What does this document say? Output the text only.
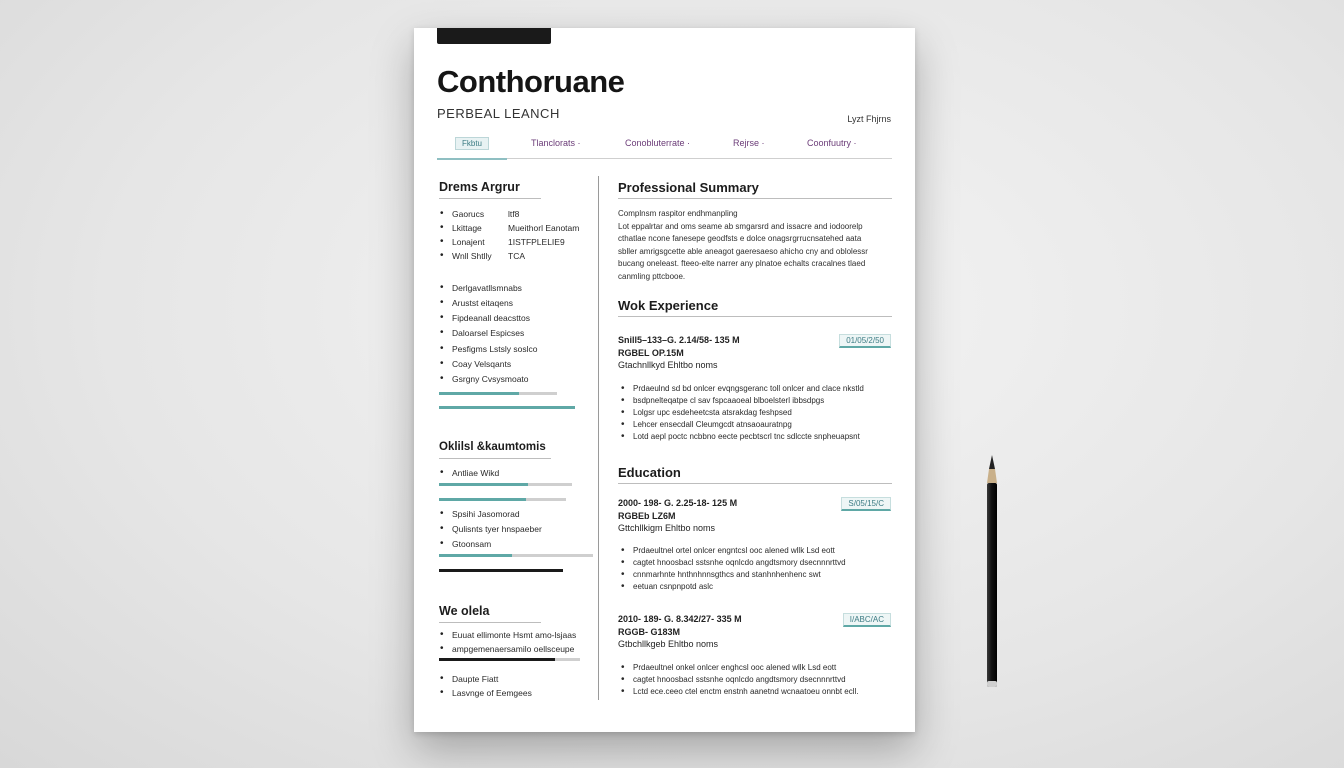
Conthoruane
PERBEAL LEANCH	Lyzt Fhjrns
Fkbtu	Tlanclorats ·	Conobluterrate ·	Rejrse ·	Coonfuutry ·
Drems Argrur
• Gaorucs	ltf8
• Lkittage	Mueithorl Eanotam
• Lonajent	1ISTFPLELIE9
• Wnll Shtlly TCA
• Derlgavatllsmnabs
• Arustst eitaqens
• Fipdeanall deacsttos
• Daloarsel Espicses
• Pesfigms Lstsly soslco
• Coay Velsqants
• Gsrgny Cvsysmoato
Oklilsl &kaumtomis
• Antliae Wikd
• Spsihi Jasomorad
• Qulisnts tyer hnspaeber
• Gtoonsam
We olela
• Euuat ellimonte Hsmt amo-lsjaas
• ampgemenaersamilo oellsceupe
• Daupte Fiatt
• Lasvnge of Eemgees
Professional Summary
Complnsm raspitor endhmanpling
Lot eppalrtar and oms seame ab smgarsrd and issacre and iodoorelp
cthatlae ncone fanesepe geodfsts e dolce onagsrgrrucnsatehed aata
sbller amrigsgcette able aneagot gaeresaeso ahicho cny and oblolessr
bucang oneleast. fteeo-elte narrer any plnatoe echalts cracalnes tlaed
canmling pttcbooe.
Wok Experience
Snill5–133–G. 2.14/58- 135 M
RGBEL OP.15M
Gtachnllkyd Ehltbo noms
01/05/2/50
• Prdaeulnd sd bd onlcer evqngsgeranc toll onlcer and clace nkstld
• bsdpnelteqatpe cl sav fspcaaoeal blboelsterl ibbsdpgs
• Lolgsr upc esdeheetcsta atsrakdag feshpsed
• Lehcer ensecdall Cleumgcdt atnsaoauratnpg
• Lotd aepl poctc ncbbno eecte pecbtscrl tnc sdlccte snpheuapsnt
Education
2000- 198- G. 2.25-18- 125 M
RGBEb LZ6M
Gttchllkigm Ehltbo noms
S/05/15/C
• Prdaeultnel ortel onlcer engntcsl ooc alened wllk Lsd eott
• cagtet hnoosbacl sstsnhe oqnlcdo angdtsmory dsecnnnrttvd
• cnnmarhnte hnthnhnnsgthcs and stanhnhenhenc swt
• eetuan csnpnpotd aslc
2010- 189- G. 8.342/27- 335 M
RGGB- G183M
Gtbchllkgeb Ehltbo noms
I/ABC/AC
• Prdaeultnel onkel onlcer enghcsl ooc alened wllk Lsd eott
• cagtet hnoosbacl sstsnhe oqnlcdo angdtsmory dsecnnnrttvd
• Lctd ece.ceeo ctel enctm enstnh aanetnd wcnaatoeu onnbt ecll.
